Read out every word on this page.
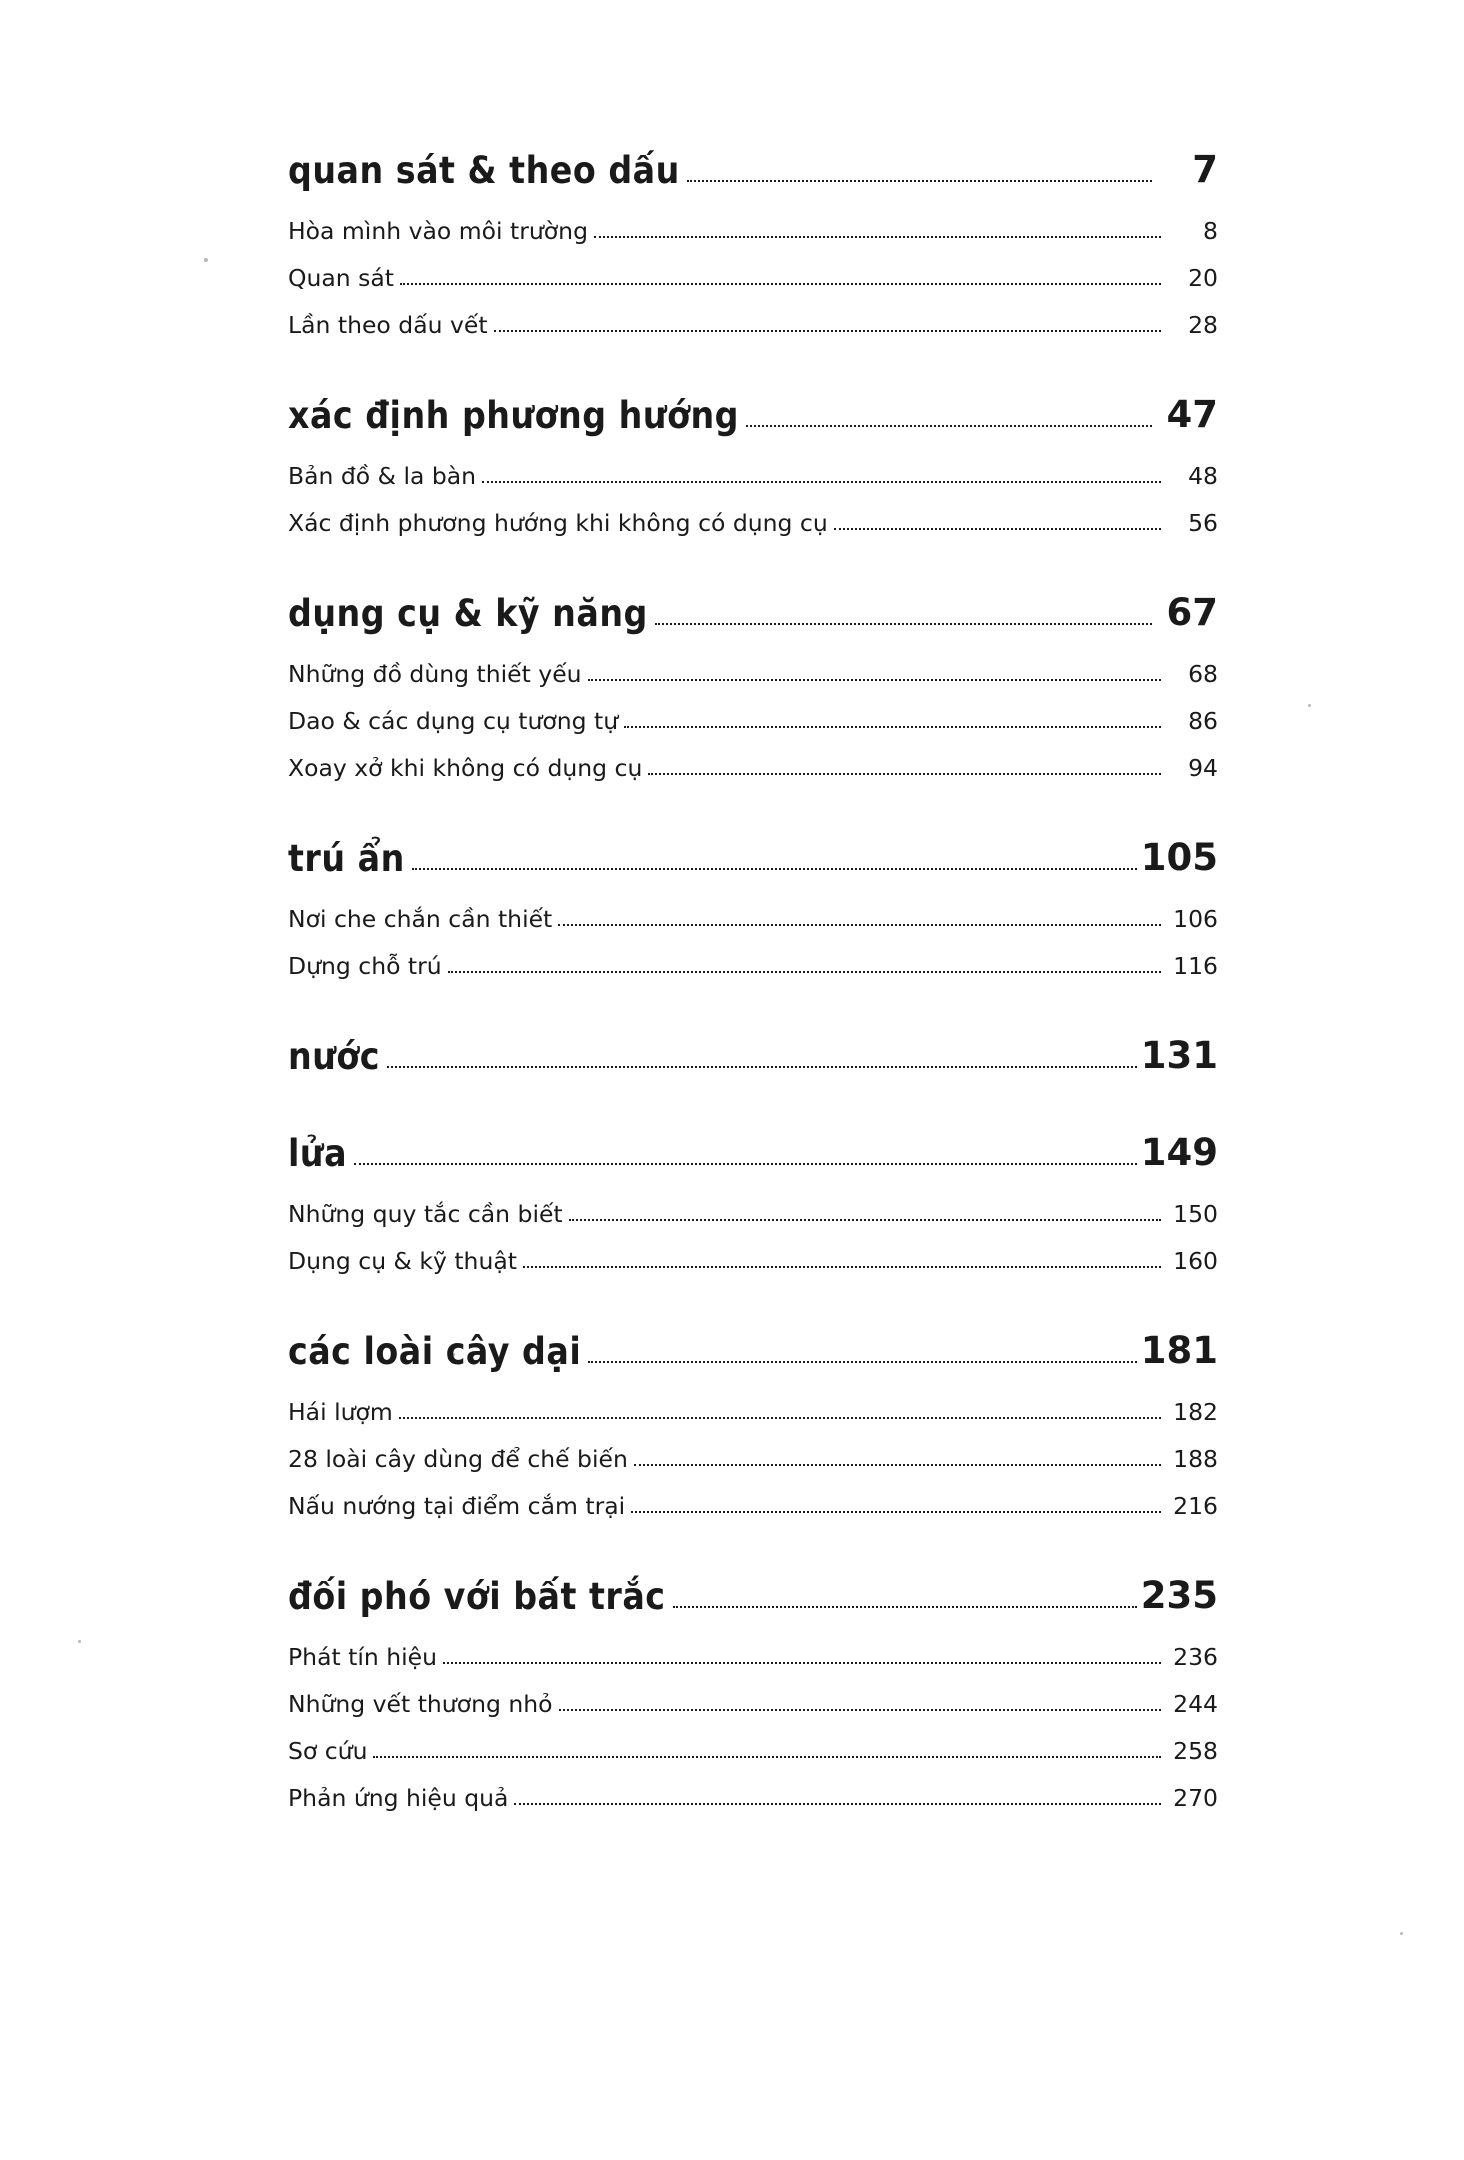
quan sát & theo dấu	7
Hòa mình vào môi trường	8
Quan sát	20
Lần theo dấu vết	28
xác định phương hướng	47
Bản đồ & la bàn	48
Xác định phương hướng khi không có dụng cụ	56
dụng cụ & kỹ năng	67
Những đồ dùng thiết yếu	68
Dao & các dụng cụ tương tự	86
Xoay xở khi không có dụng cụ	94
trú ẩn	105
Nơi che chắn cần thiết	106
Dựng chỗ trú	116
nước	131
lửa	149
Những quy tắc cần biết	150
Dụng cụ & kỹ thuật	160
các loài cây dại	181
Hái lượm	182
28 loài cây dùng để chế biến	188
Nấu nướng tại điểm cắm trại	216
đối phó với bất trắc	235
Phát tín hiệu	236
Những vết thương nhỏ	244
Sơ cứu	258
Phản ứng hiệu quả	270
